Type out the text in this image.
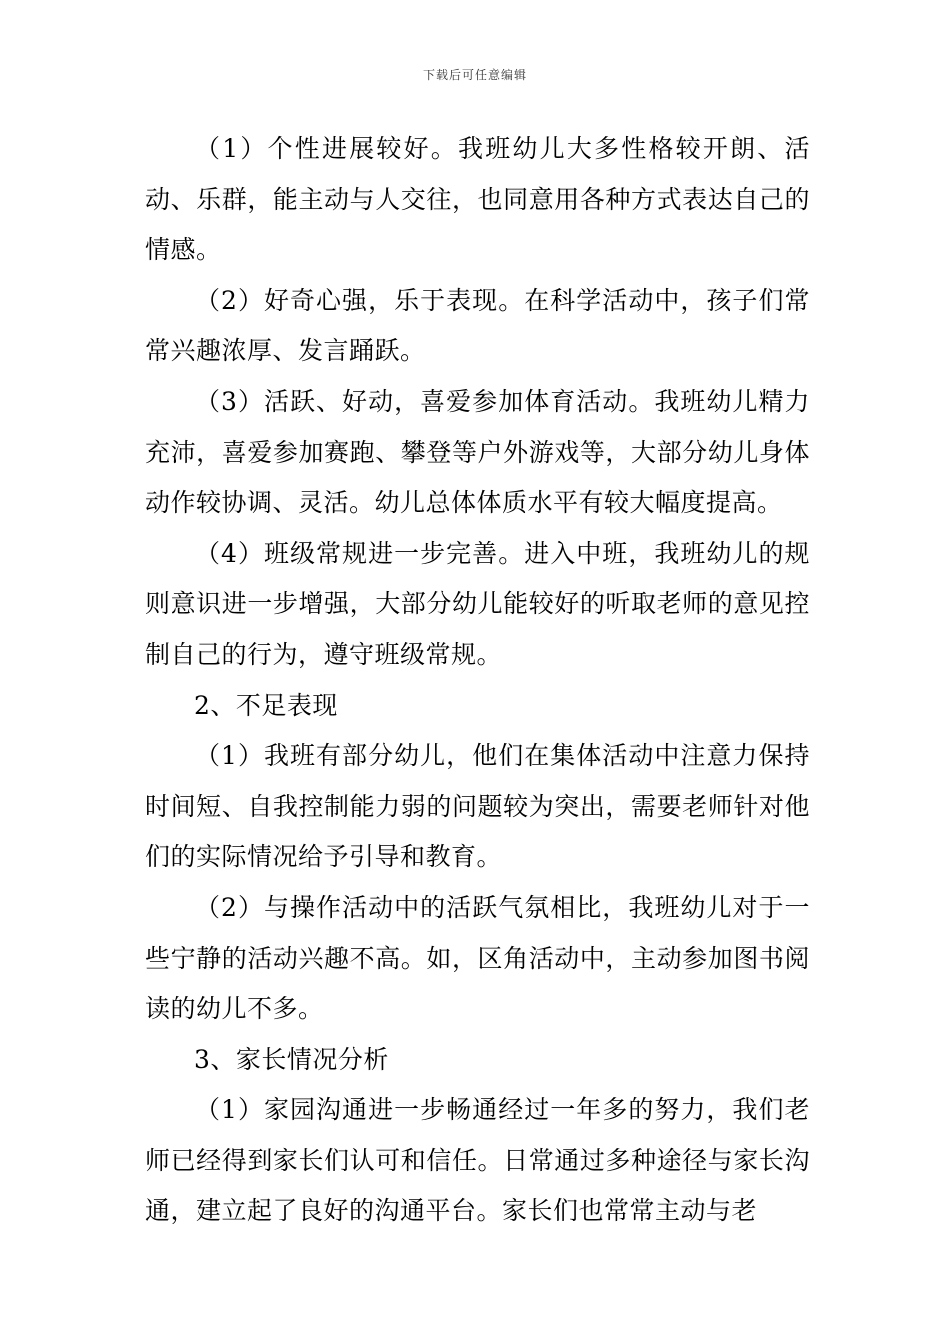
下载后可任意编辑

（1）个性进展较好。我班幼儿大多性格较开朗、活动、乐群，能主动与人交往，也同意用各种方式表达自己的情感。

（2）好奇心强，乐于表现。在科学活动中，孩子们常常兴趣浓厚、发言踊跃。

（3）活跃、好动，喜爱参加体育活动。我班幼儿精力充沛，喜爱参加赛跑、攀登等户外游戏等，大部分幼儿身体动作较协调、灵活。幼儿总体体质水平有较大幅度提高。

（4）班级常规进一步完善。进入中班，我班幼儿的规则意识进一步增强，大部分幼儿能较好的听取老师的意见控制自己的行为，遵守班级常规。

2、不足表现

（1）我班有部分幼儿，他们在集体活动中注意力保持时间短、自我控制能力弱的问题较为突出，需要老师针对他们的实际情况给予引导和教育。

（2）与操作活动中的活跃气氛相比，我班幼儿对于一些宁静的活动兴趣不高。如，区角活动中，主动参加图书阅读的幼儿不多。

3、家长情况分析

（1）家园沟通进一步畅通经过一年多的努力，我们老师已经得到家长们认可和信任。日常通过多种途径与家长沟通，建立起了良好的沟通平台。家长们也常常主动与老
